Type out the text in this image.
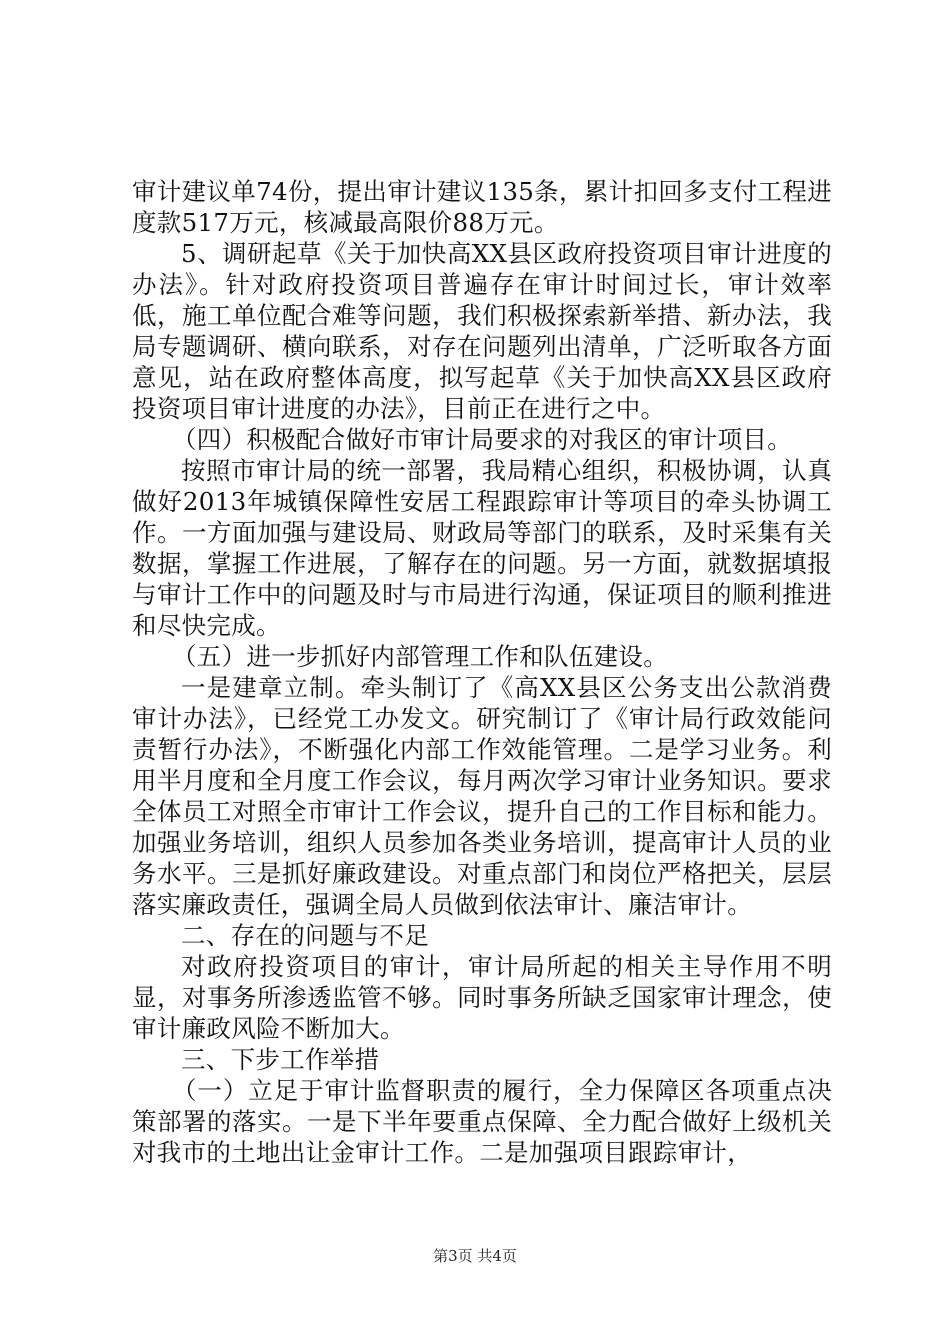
审计建议单74份，提出审计建议135条，累计扣回多支付工程进度款517万元，核减最高限价88万元。

5、调研起草《关于加快高XX县区政府投资项目审计进度的办法》。针对政府投资项目普遍存在审计时间过长，审计效率低，施工单位配合难等问题，我们积极探索新举措、新办法，我局专题调研、横向联系，对存在问题列出清单，广泛听取各方面意见，站在政府整体高度，拟写起草《关于加快高XX县区政府投资项目审计进度的办法》，目前正在进行之中。

（四）积极配合做好市审计局要求的对我区的审计项目。

按照市审计局的统一部署，我局精心组织，积极协调，认真做好2013年城镇保障性安居工程跟踪审计等项目的牵头协调工作。一方面加强与建设局、财政局等部门的联系，及时采集有关数据，掌握工作进展，了解存在的问题。另一方面，就数据填报与审计工作中的问题及时与市局进行沟通，保证项目的顺利推进和尽快完成。

（五）进一步抓好内部管理工作和队伍建设。

一是建章立制。牵头制订了《高XX县区公务支出公款消费审计办法》，已经党工办发文。研究制订了《审计局行政效能问责暂行办法》，不断强化内部工作效能管理。二是学习业务。利用半月度和全月度工作会议，每月两次学习审计业务知识。要求全体员工对照全市审计工作会议，提升自己的工作目标和能力。加强业务培训，组织人员参加各类业务培训，提高审计人员的业务水平。三是抓好廉政建设。对重点部门和岗位严格把关，层层落实廉政责任，强调全局人员做到依法审计、廉洁审计。

二、存在的问题与不足

对政府投资项目的审计，审计局所起的相关主导作用不明显，对事务所渗透监管不够。同时事务所缺乏国家审计理念，使审计廉政风险不断加大。

三、下步工作举措

（一）立足于审计监督职责的履行，全力保障区各项重点决策部署的落实。一是下半年要重点保障、全力配合做好上级机关对我市的土地出让金审计工作。二是加强项目跟踪审计，

第3页 共4页
